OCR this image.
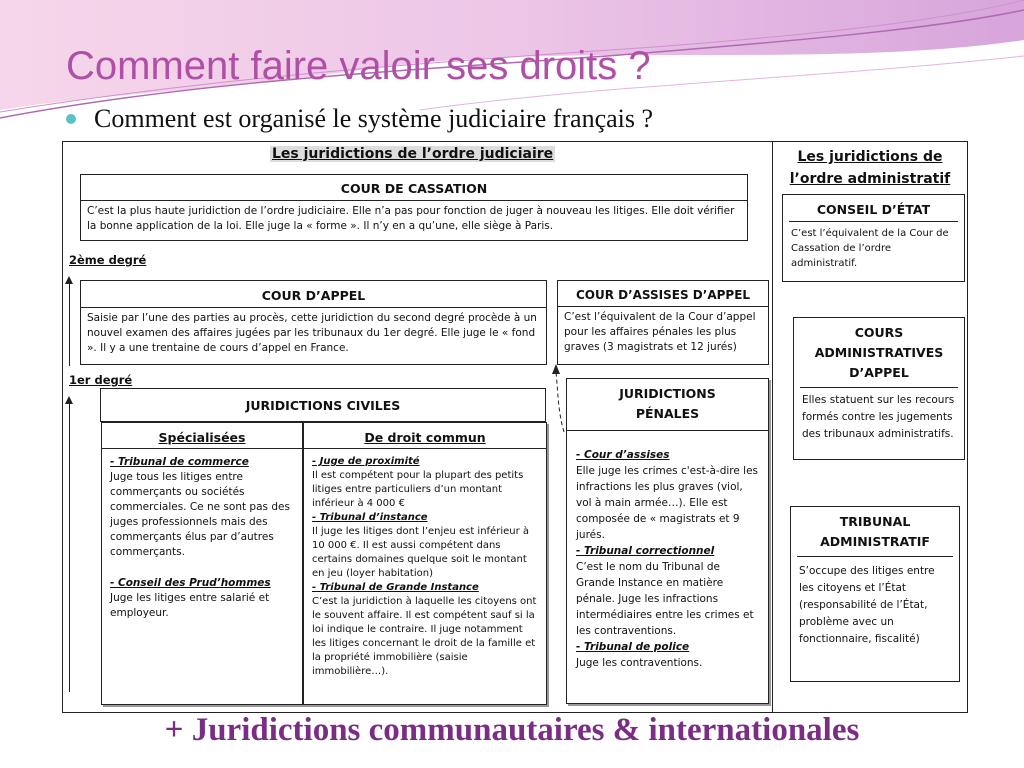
Comment faire valoir ses droits ?
Comment est organisé le système judiciaire français ?
Les juridictions de l’ordre judiciaire
COUR DE CASSATION
C’est la plus haute juridiction de l’ordre judiciaire. Elle n’a pas pour fonction de juger à nouveau les litiges. Elle doit vérifier la bonne application de la loi. Elle juge la « forme ». Il n’y en a qu’une, elle siège à Paris.
2ème degré
1er degré
COUR D’APPEL
Saisie par l’une des parties au procès, cette juridiction du second degré procède à un nouvel examen des affaires jugées par les tribunaux du 1er degré. Elle juge le « fond ». Il y a une trentaine de cours d’appel en France.
COUR D’ASSISES D’APPEL
C’est l’équivalent de la Cour d’appel pour les affaires pénales les plus graves (3 magistrats et 12 jurés)
JURIDICTIONS CIVILES
Spécialisées
- Tribunal de commerce
Juge tous les litiges entre commerçants ou sociétés commerciales. Ce ne sont pas des juges professionnels mais des commerçants élus par d’autres commerçants.
- Conseil des Prud’hommes
Juge les litiges entre salarié et employeur.
De droit commun
- Juge de proximité
Il est compétent pour la plupart des petits litiges entre particuliers d’un montant inférieur à 4 000 €
- Tribunal d’instance
Il juge les litiges dont l’enjeu est inférieur à 10 000 €. Il est aussi compétent dans certains domaines quelque soit le montant en jeu (loyer habitation)
- Tribunal de Grande Instance
C’est la juridiction à laquelle les citoyens ont le souvent affaire. Il est compétent sauf si la loi indique le contraire. Il juge notamment les litiges concernant le droit de la famille et la propriété immobilière (saisie immobilière…).
JURIDICTIONS PÉNALES
- Cour d’assises
Elle juge les crimes c'est-à-dire les infractions les plus graves (viol, vol à main armée…). Elle est composée de « magistrats et 9 jurés.
- Tribunal correctionnel
C’est le nom du Tribunal de Grande Instance en matière pénale. Juge les infractions intermédiaires entre les crimes et les contraventions.
- Tribunal de police
Juge les contraventions.
Les juridictions de l’ordre administratif
CONSEIL D’ÉTAT
C’est l’équivalent de la Cour de Cassation de l’ordre administratif.
COURS ADMINISTRATIVES D’APPEL
Elles statuent sur les recours formés contre les jugements des tribunaux administratifs.
TRIBUNAL ADMINISTRATIF
S’occupe des litiges entre les citoyens et l’État (responsabilité de l’État, problème avec un fonctionnaire, fiscalité)
+ Juridictions communautaires & internationales
